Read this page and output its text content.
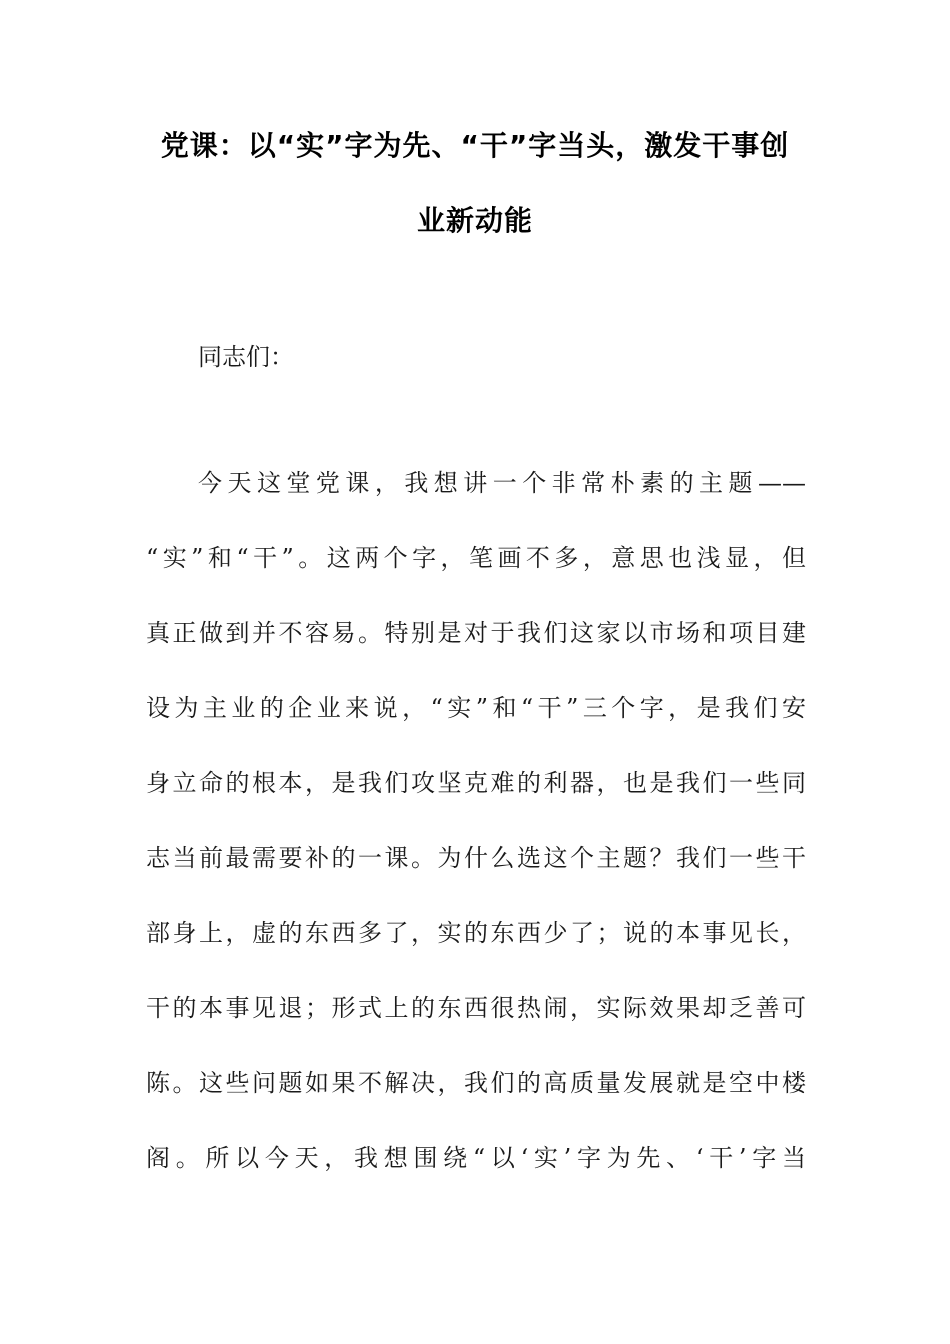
党课：以“实”字为先、“干”字当头，激发干事创
业新动能
同志们：
今天这堂党课，我想讲一个非常朴素的主题——
“实”和“干”。这两个字，笔画不多，意思也浅显，但
真正做到并不容易。特别是对于我们这家以市场和项目建
设为主业的企业来说，“实”和“干”三个字，是我们安
身立命的根本，是我们攻坚克难的利器，也是我们一些同
志当前最需要补的一课。为什么选这个主题？我们一些干
部身上，虚的东西多了，实的东西少了；说的本事见长，
干的本事见退；形式上的东西很热闹，实际效果却乏善可
陈。这些问题如果不解决，我们的高质量发展就是空中楼
阁。所以今天，我想围绕“以‘实’字为先、‘干’字当
